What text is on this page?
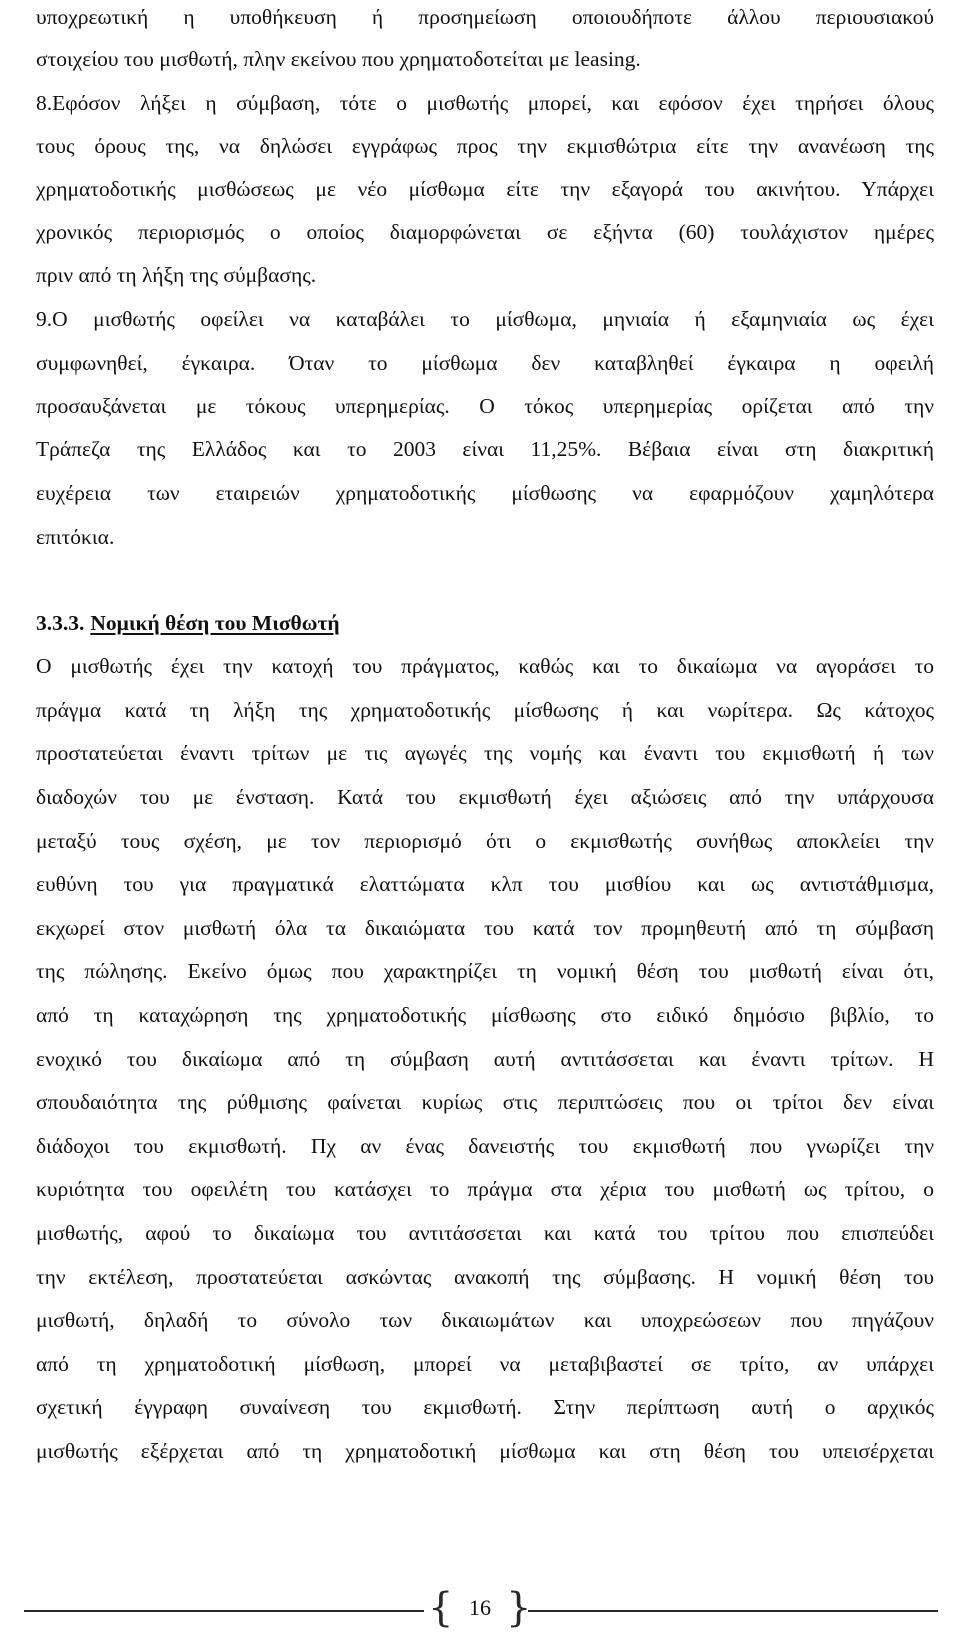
υποχρεωτική η υποθήκευση ή προσημείωση οποιουδήποτε άλλου περιουσιακού
στοιχείου του μισθωτή, πλην εκείνου που χρηματοδοτείται με leasing.
8.Εφόσον λήξει η σύμβαση, τότε ο μισθωτής μπορεί, και εφόσον έχει τηρήσει όλους
τους όρους της, να δηλώσει εγγράφως προς την εκμισθώτρια είτε την ανανέωση της
χρηματοδοτικής μισθώσεως με νέο μίσθωμα είτε την εξαγορά του ακινήτου. Υπάρχει
χρονικός περιορισμός ο οποίος διαμορφώνεται σε εξήντα (60) τουλάχιστον ημέρες
πριν από τη λήξη της σύμβασης.
9.Ο μισθωτής οφείλει να καταβάλει το μίσθωμα, μηνιαία ή εξαμηνιαία ως έχει
συμφωνηθεί, έγκαιρα. Όταν το μίσθωμα δεν καταβληθεί έγκαιρα η οφειλή
προσαυξάνεται με τόκους υπερημερίας. Ο τόκος υπερημερίας ορίζεται από την
Τράπεζα της Ελλάδος και το 2003 είναι 11,25%. Βέβαια είναι στη διακριτική
ευχέρεια των εταιρειών χρηματοδοτικής μίσθωσης να εφαρμόζουν χαμηλότερα
επιτόκια.
3.3.3. Νομική θέση του Μισθωτή
Ο μισθωτής έχει την κατοχή του πράγματος, καθώς και το δικαίωμα να αγοράσει το
πράγμα κατά τη λήξη της χρηματοδοτικής μίσθωσης ή και νωρίτερα. Ως κάτοχος
προστατεύεται έναντι τρίτων με τις αγωγές της νομής και έναντι του εκμισθωτή ή των
διαδοχών του με ένσταση. Κατά του εκμισθωτή έχει αξιώσεις από την υπάρχουσα
μεταξύ τους σχέση, με τον περιορισμό ότι ο εκμισθωτής συνήθως αποκλείει την
ευθύνη του για πραγματικά ελαττώματα κλπ του μισθίου και ως αντιστάθμισμα,
εκχωρεί στον μισθωτή όλα τα δικαιώματα του κατά τον προμηθευτή από τη σύμβαση
της πώλησης. Εκείνο όμως που χαρακτηρίζει τη νομική θέση του μισθωτή είναι ότι,
από τη καταχώρηση της χρηματοδοτικής μίσθωσης στο ειδικό δημόσιο βιβλίο, το
ενοχικό του δικαίωμα από τη σύμβαση αυτή αντιτάσσεται και έναντι τρίτων. Η
σπουδαιότητα της ρύθμισης φαίνεται κυρίως στις περιπτώσεις που οι τρίτοι δεν είναι
διάδοχοι του εκμισθωτή. Πχ αν ένας δανειστής του εκμισθωτή που γνωρίζει την
κυριότητα του οφειλέτη του κατάσχει το πράγμα στα χέρια του μισθωτή ως τρίτου, ο
μισθωτής, αφού το δικαίωμα του αντιτάσσεται και κατά του τρίτου που επισπεύδει
την εκτέλεση, προστατεύεται ασκώντας ανακοπή της σύμβασης. Η νομική θέση του
μισθωτή, δηλαδή το σύνολο των δικαιωμάτων και υποχρεώσεων που πηγάζουν
από τη χρηματοδοτική μίσθωση, μπορεί να μεταβιβαστεί σε τρίτο, αν υπάρχει
σχετική έγγραφη συναίνεση του εκμισθωτή. Στην περίπτωση αυτή ο αρχικός
μισθωτής εξέρχεται από τη χρηματοδοτική μίσθωμα και στη θέση του υπεισέρχεται
{ 16 }
